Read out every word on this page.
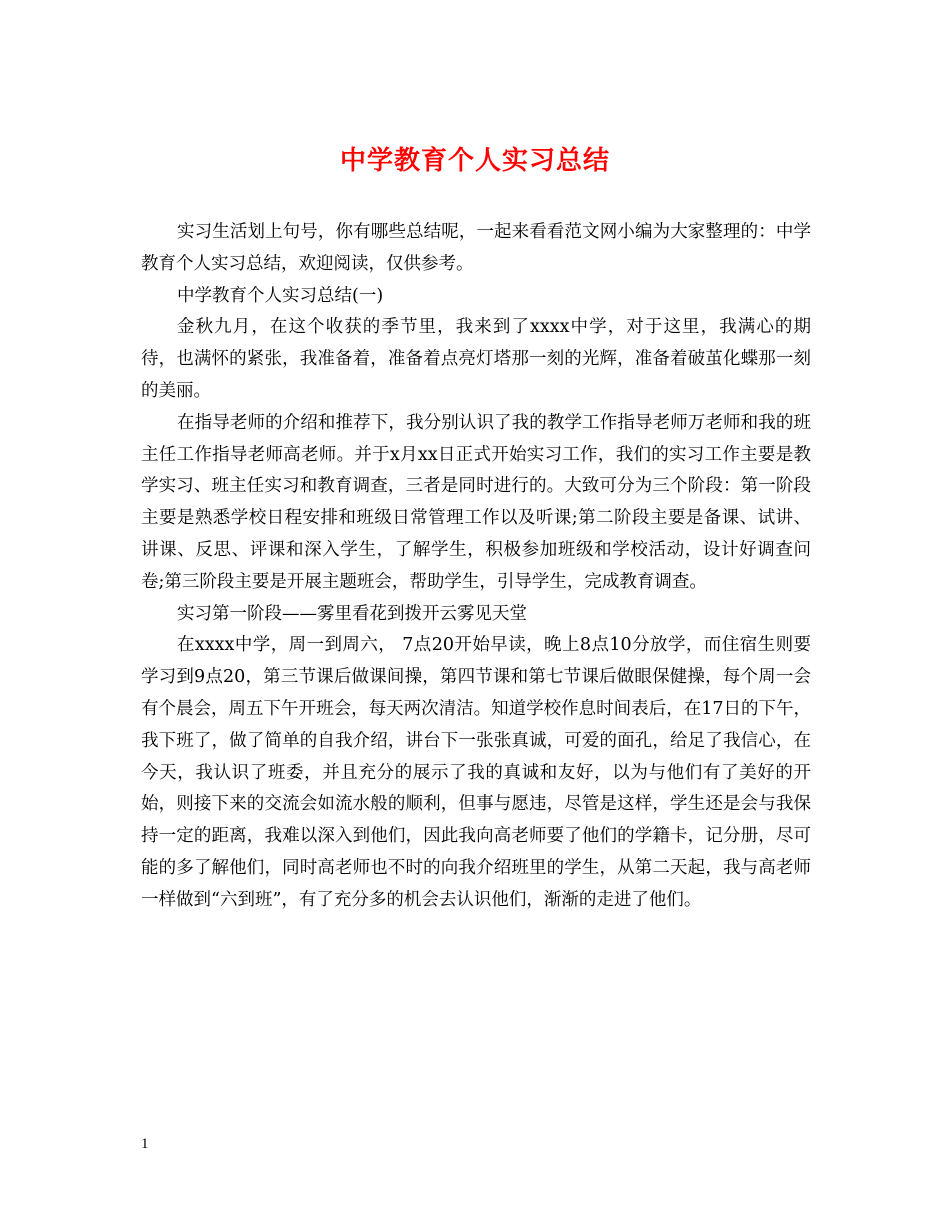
中学教育个人实习总结

实习生活划上句号，你有哪些总结呢，一起来看看范文网小编为大家整理的：中学教育个人实习总结，欢迎阅读，仅供参考。

中学教育个人实习总结(一)

金秋九月，在这个收获的季节里，我来到了xxxx中学，对于这里，我满心的期待，也满怀的紧张，我准备着，准备着点亮灯塔那一刻的光辉，准备着破茧化蝶那一刻的美丽。

在指导老师的介绍和推荐下，我分别认识了我的教学工作指导老师万老师和我的班主任工作指导老师高老师。并于x月xx日正式开始实习工作，我们的实习工作主要是教学实习、班主任实习和教育调查，三者是同时进行的。大致可分为三个阶段：第一阶段主要是熟悉学校日程安排和班级日常管理工作以及听课;第二阶段主要是备课、试讲、讲课、反思、评课和深入学生，了解学生，积极参加班级和学校活动，设计好调查问卷;第三阶段主要是开展主题班会，帮助学生，引导学生，完成教育调查。

实习第一阶段——雾里看花到拨开云雾见天堂

在xxxx中学，周一到周六， 7点20开始早读，晚上8点10分放学，而住宿生则要学习到9点20，第三节课后做课间操，第四节课和第七节课后做眼保健操，每个周一会有个晨会，周五下午开班会，每天两次清洁。知道学校作息时间表后，在17日的下午，我下班了，做了简单的自我介绍，讲台下一张张真诚，可爱的面孔，给足了我信心，在今天，我认识了班委，并且充分的展示了我的真诚和友好，以为与他们有了美好的开始，则接下来的交流会如流水般的顺利，但事与愿违，尽管是这样，学生还是会与我保持一定的距离，我难以深入到他们，因此我向高老师要了他们的学籍卡，记分册，尽可能的多了解他们，同时高老师也不时的向我介绍班里的学生，从第二天起，我与高老师一样做到“六到班”，有了充分多的机会去认识他们，渐渐的走进了他们。

1
